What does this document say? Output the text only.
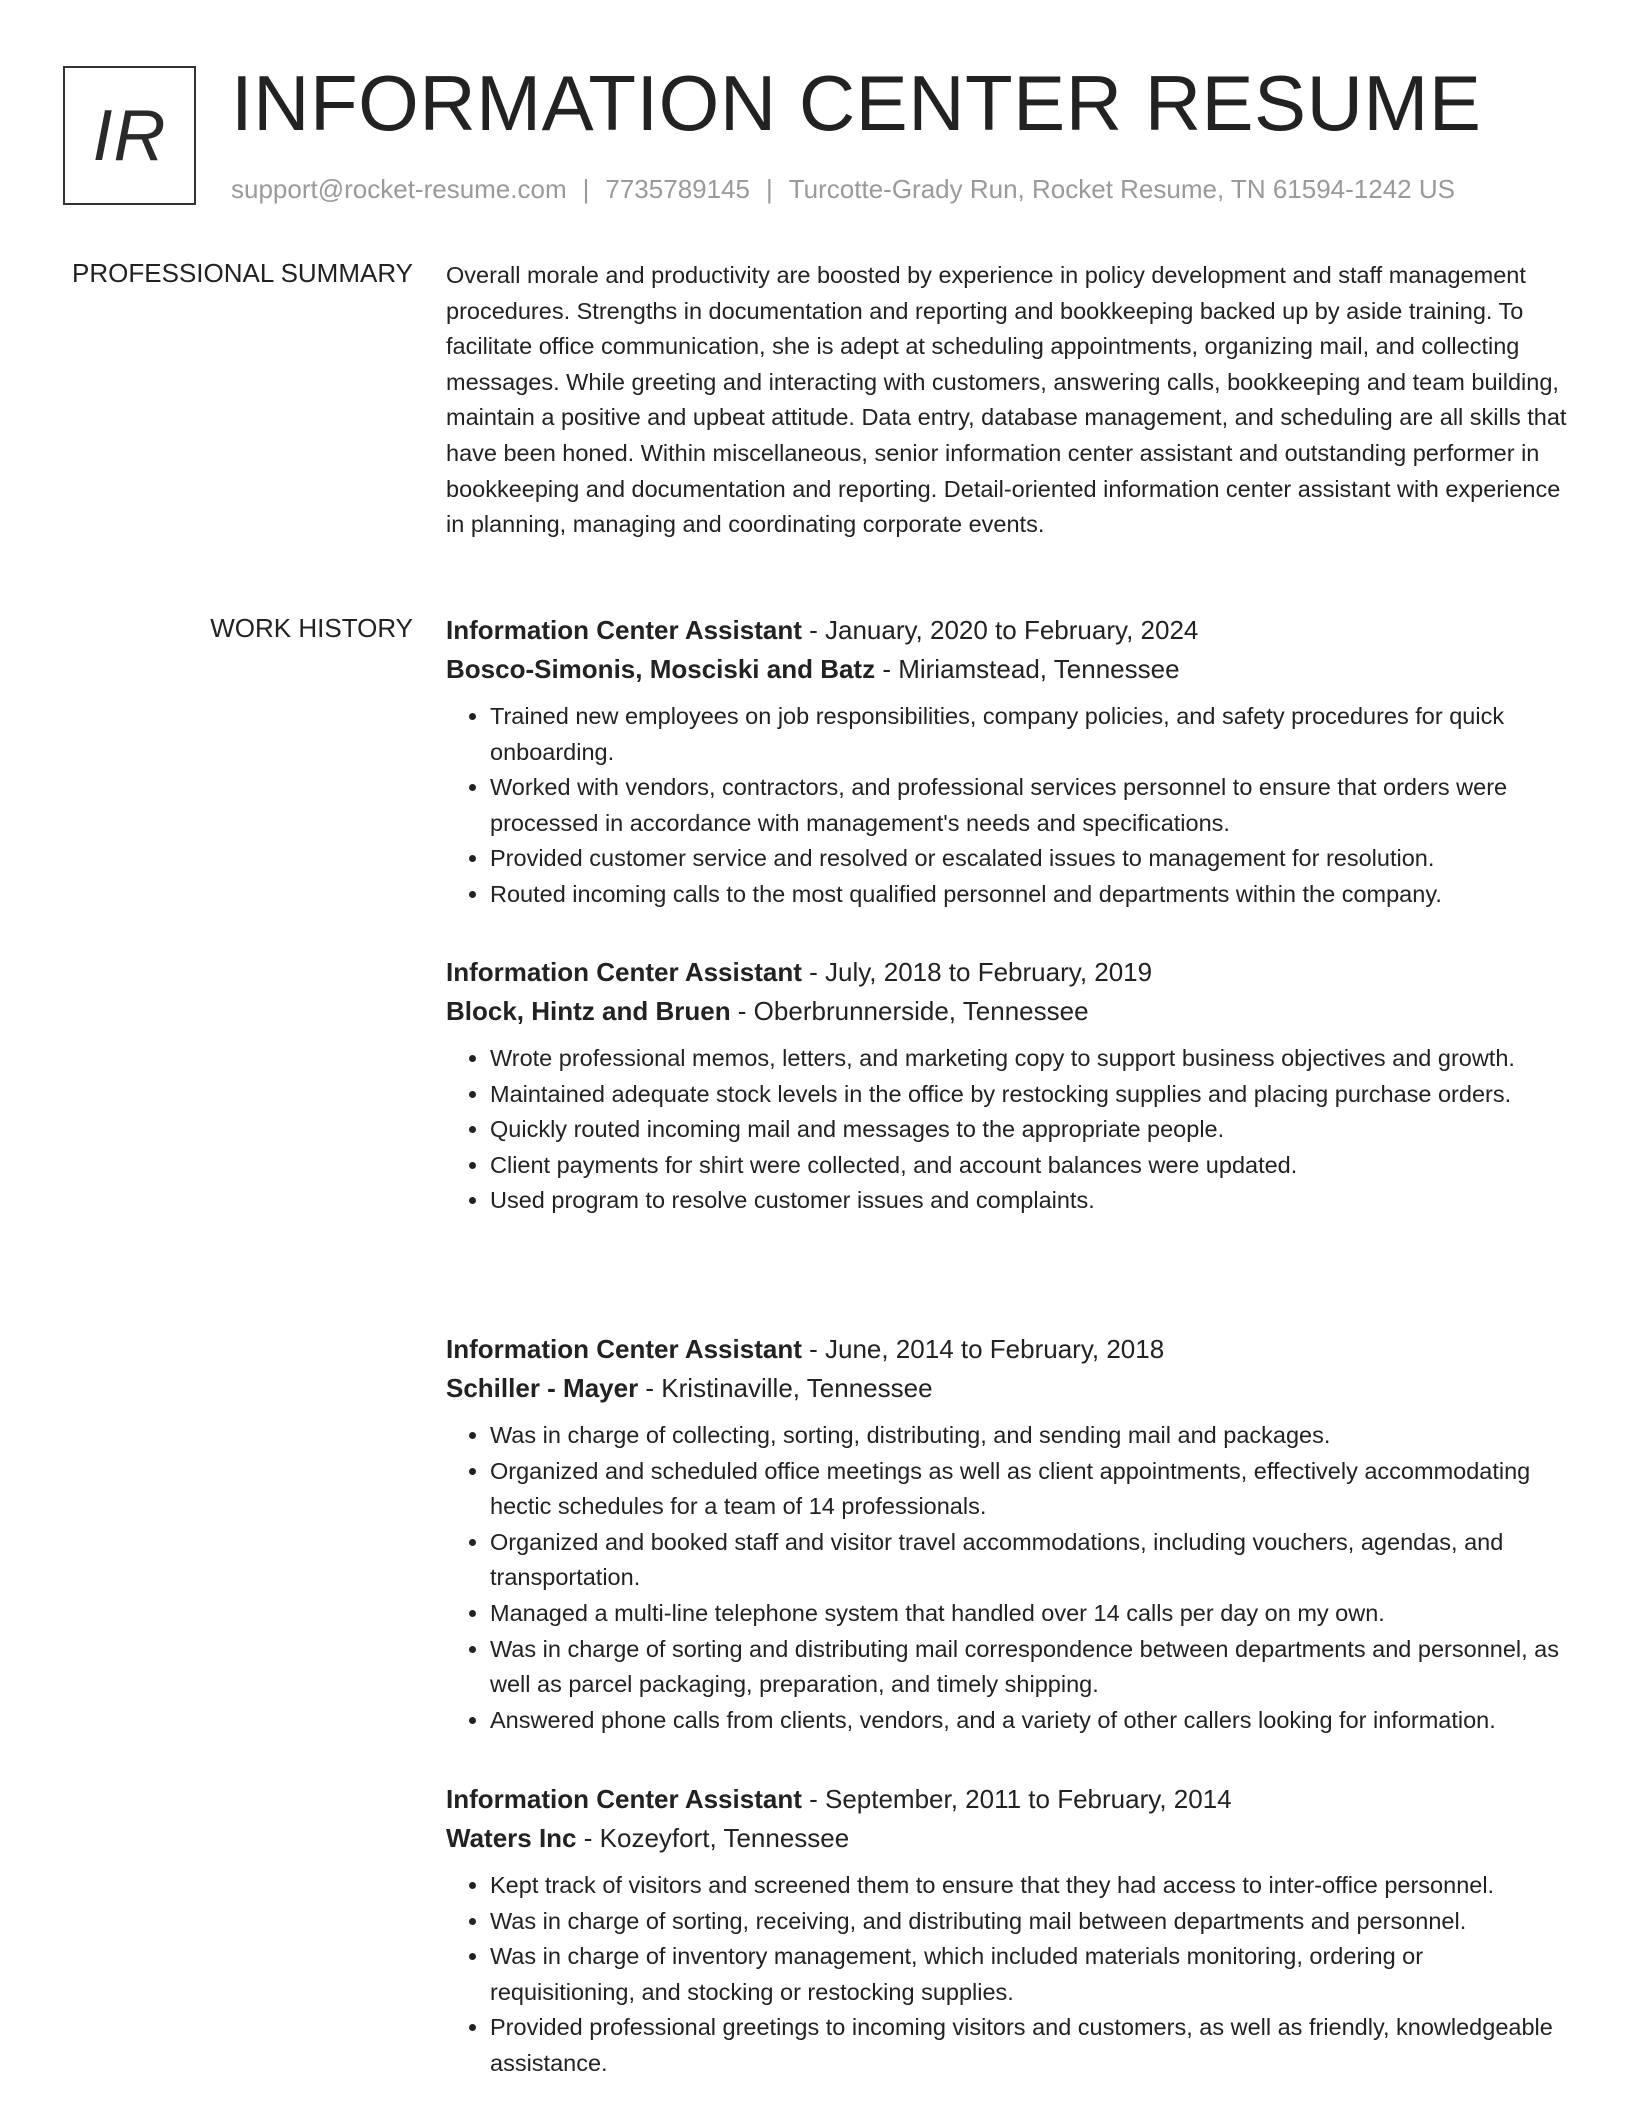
IR INFORMATION CENTER RESUME
support@rocket-resume.com | 7735789145 | Turcotte-Grady Run, Rocket Resume, TN 61594-1242 US
PROFESSIONAL SUMMARY Overall morale and productivity are boosted by experience in policy development and staff management procedures. Strengths in documentation and reporting and bookkeeping backed up by aside training. To facilitate office communication, she is adept at scheduling appointments, organizing mail, and collecting messages. While greeting and interacting with customers, answering calls, bookkeeping and team building, maintain a positive and upbeat attitude. Data entry, database management, and scheduling are all skills that have been honed. Within miscellaneous, senior information center assistant and outstanding performer in bookkeeping and documentation and reporting. Detail-oriented information center assistant with experience in planning, managing and coordinating corporate events.

WORK HISTORY Information Center Assistant - January, 2020 to February, 2024
Bosco-Simonis, Mosciski and Batz - Miriamstead, Tennessee
• Trained new employees on job responsibilities, company policies, and safety procedures for quick onboarding.
• Worked with vendors, contractors, and professional services personnel to ensure that orders were processed in accordance with management's needs and specifications.
• Provided customer service and resolved or escalated issues to management for resolution.
• Routed incoming calls to the most qualified personnel and departments within the company.
Information Center Assistant - July, 2018 to February, 2019
Block, Hintz and Bruen - Oberbrunnerside, Tennessee
• Wrote professional memos, letters, and marketing copy to support business objectives and growth.
• Maintained adequate stock levels in the office by restocking supplies and placing purchase orders.
• Quickly routed incoming mail and messages to the appropriate people.
• Client payments for shirt were collected, and account balances were updated.
• Used program to resolve customer issues and complaints.
Information Center Assistant - June, 2014 to February, 2018
Schiller - Mayer - Kristinaville, Tennessee
• Was in charge of collecting, sorting, distributing, and sending mail and packages.
• Organized and scheduled office meetings as well as client appointments, effectively accommodating hectic schedules for a team of 14 professionals.
• Organized and booked staff and visitor travel accommodations, including vouchers, agendas, and transportation.
• Managed a multi-line telephone system that handled over 14 calls per day on my own.
• Was in charge of sorting and distributing mail correspondence between departments and personnel, as well as parcel packaging, preparation, and timely shipping.
• Answered phone calls from clients, vendors, and a variety of other callers looking for information.
Information Center Assistant - September, 2011 to February, 2014
Waters Inc - Kozeyfort, Tennessee
• Kept track of visitors and screened them to ensure that they had access to inter-office personnel.
• Was in charge of sorting, receiving, and distributing mail between departments and personnel.
• Was in charge of inventory management, which included materials monitoring, ordering or requisitioning, and stocking or restocking supplies.
• Provided professional greetings to incoming visitors and customers, as well as friendly, knowledgeable assistance.
